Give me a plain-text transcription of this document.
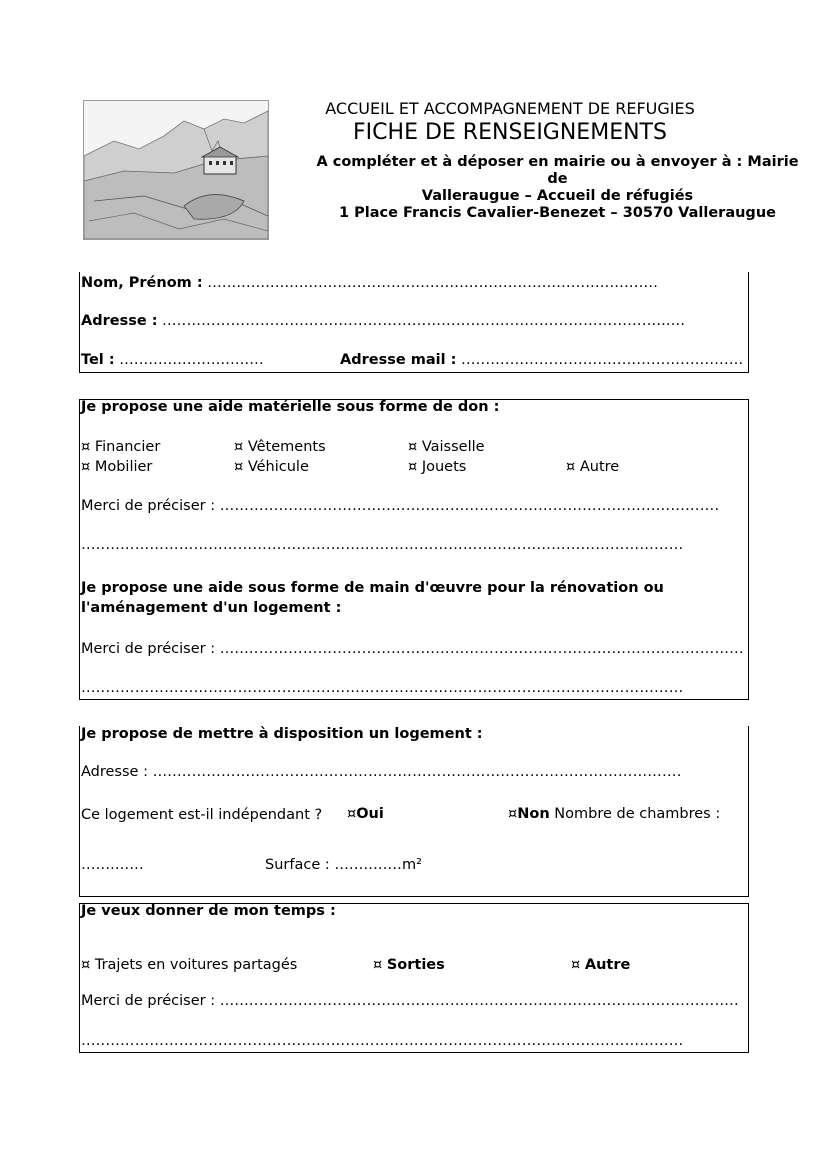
ACCUEIL ET ACCOMPAGNEMENT DE REFUGIES
FICHE DE RENSEIGNEMENTS
A compléter et à déposer en mairie ou à envoyer à : Mairie de
Valleraugue – Accueil de réfugiés
1 Place Francis Cavalier-Benezet – 30570 Valleraugue
Nom, Prénom : ….........................….…….…...….….…...…....…....….......…..…..
Adresse : ..…………………………….……………………….……….…………………….........
Tel : …...........................	Adresse mail : …..…..…..….….…..…..….…..….…..….…
Je propose une aide matérielle sous forme de don :
¤ Financier	¤ Vêtements	¤ Vaisselle
¤ Mobilier	¤ Véhicule	¤ Jouets	¤ Autre
Merci de préciser : …………………………..…………………………………………………………….
…..……………………………………….………………………………………………………………
Je propose une aide sous forme de main d'œuvre pour la rénovation ou
l'aménagement d'un logement :
Merci de préciser : …..…………………………………………………………………………………………
…..……………………………………….………………………………………………………………
Je propose de mettre à disposition un logement :
Adresse : …..………………………………………………………………………………………….
Ce logement est-il indépendant ? ¤Oui	¤Non Nombre de chambres :
…..........	Surface : …...........m²
Je veux donner de mon temps :
¤ Trajets en voitures partagés	¤ Sorties	¤ Autre
Merci de préciser : …..………………………………………………………………………………………..
…..……………………………………….………………………………………………………………
